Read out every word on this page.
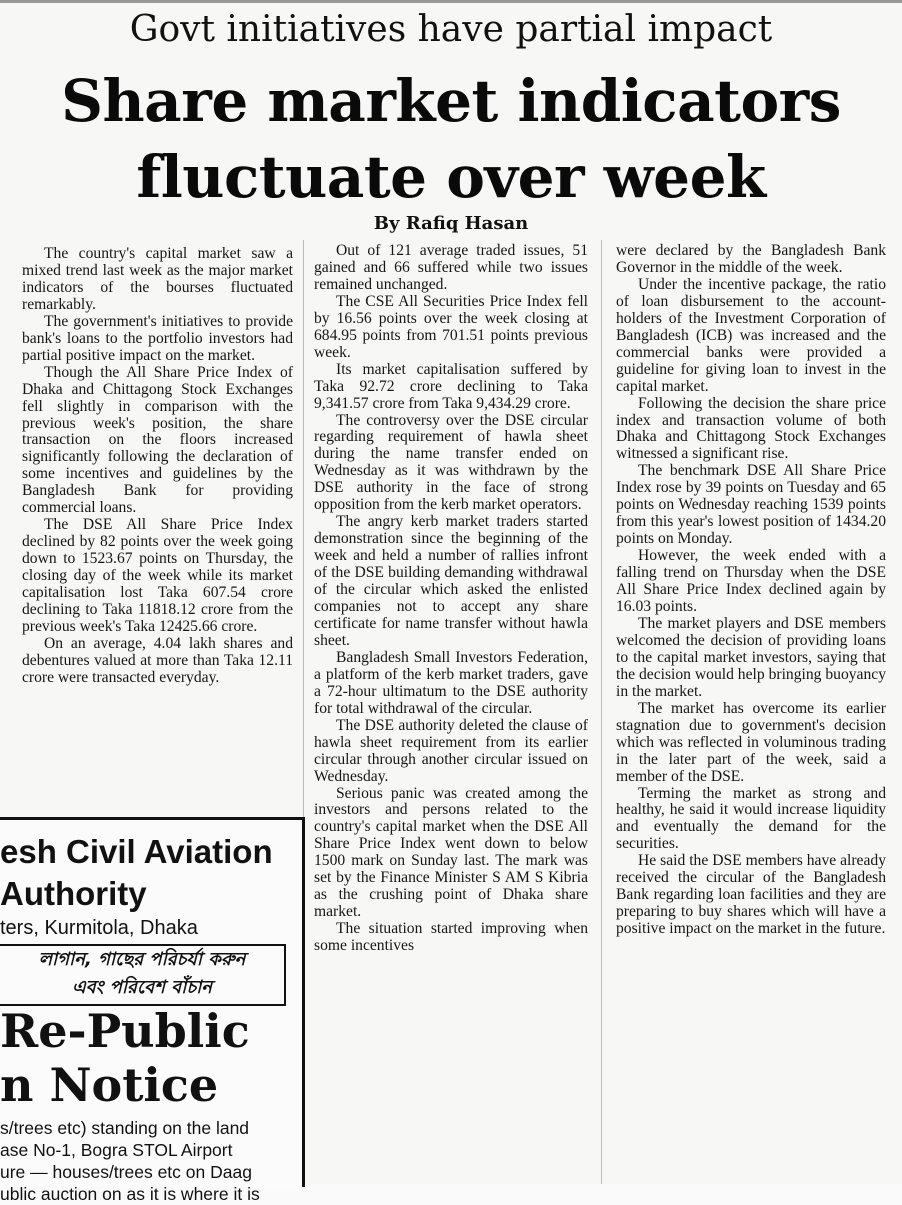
Govt initiatives have partial impact
Share market indicators
fluctuate over week
By Rafiq Hasan

The country's capital market saw a mixed trend last week as the major market indicators of the bourses fluctuated remarkably.

The government's initiatives to provide bank's loans to the portfolio investors had partial positive impact on the market.

Though the All Share Price Index of Dhaka and Chittagong Stock Exchanges fell slightly in comparison with the previous week's position, the share transaction on the floors increased significantly following the declaration of some incentives and guidelines by the Bangladesh Bank for providing commercial loans.

The DSE All Share Price Index declined by 82 points over the week going down to 1523.67 points on Thursday, the closing day of the week while its market capitalisation lost Taka 607.54 crore declining to Taka 11818.12 crore from the previous week's Taka 12425.66 crore.

On an average, 4.04 lakh shares and debentures valued at more than Taka 12.11 crore were transacted everyday.

Out of 121 average traded issues, 51 gained and 66 suffered while two issues remained unchanged.

The CSE All Securities Price Index fell by 16.56 points over the week closing at 684.95 points from 701.51 points previous week.

Its market capitalisation suffered by Taka 92.72 crore declining to Taka 9,341.57 crore from Taka 9,434.29 crore.

The controversy over the DSE circular regarding requirement of hawla sheet during the name transfer ended on Wednesday as it was withdrawn by the DSE authority in the face of strong opposition from the kerb market operators.

The angry kerb market traders started demonstration since the beginning of the week and held a number of rallies infront of the DSE building demanding withdrawal of the circular which asked the enlisted companies not to accept any share certificate for name transfer without hawla sheet.

Bangladesh Small Investors Federation, a platform of the kerb market traders, gave a 72-hour ultimatum to the DSE authority for total withdrawal of the circular.

The DSE authority deleted the clause of hawla sheet requirement from its earlier circular through another circular issued on Wednesday.

Serious panic was created among the investors and persons related to the country's capital market when the DSE All Share Price Index went down to below 1500 mark on Sunday last. The mark was set by the Finance Minister S AM S Kibria as the crushing point of Dhaka share market.

The situation started improving when some incentives

were declared by the Bangladesh Bank Governor in the middle of the week.

Under the incentive package, the ratio of loan disbursement to the account-holders of the Investment Corporation of Bangladesh (ICB) was increased and the commercial banks were provided a guideline for giving loan to invest in the capital market.

Following the decision the share price index and transaction volume of both Dhaka and Chittagong Stock Exchanges witnessed a significant rise.

The benchmark DSE All Share Price Index rose by 39 points on Tuesday and 65 points on Wednesday reaching 1539 points from this year's lowest position of 1434.20 points on Monday.

However, the week ended with a falling trend on Thursday when the DSE All Share Price Index declined again by 16.03 points.

The market players and DSE members welcomed the decision of providing loans to the capital market investors, saying that the decision would help bringing buoyancy in the market.

The market has overcome its earlier stagnation due to government's decision which was reflected in voluminous trading in the later part of the week, said a member of the DSE.

Terming the market as strong and healthy, he said it would increase liquidity and eventually the demand for the securities.

He said the DSE members have already received the circular of the Bangladesh Bank regarding loan facilities and they are preparing to buy shares which will have a positive impact on the market in the future.

esh Civil Aviation
Authority
ters, Kurmitola, Dhaka
লাগান, গাছের পরিচর্যা করুন
এবং পরিবেশ বাঁচান
Re-Public
n Notice
s/trees etc) standing on the land
ase No-1, Bogra STOL Airport
ure — houses/trees etc on Daag
ublic auction on as it is where it is
